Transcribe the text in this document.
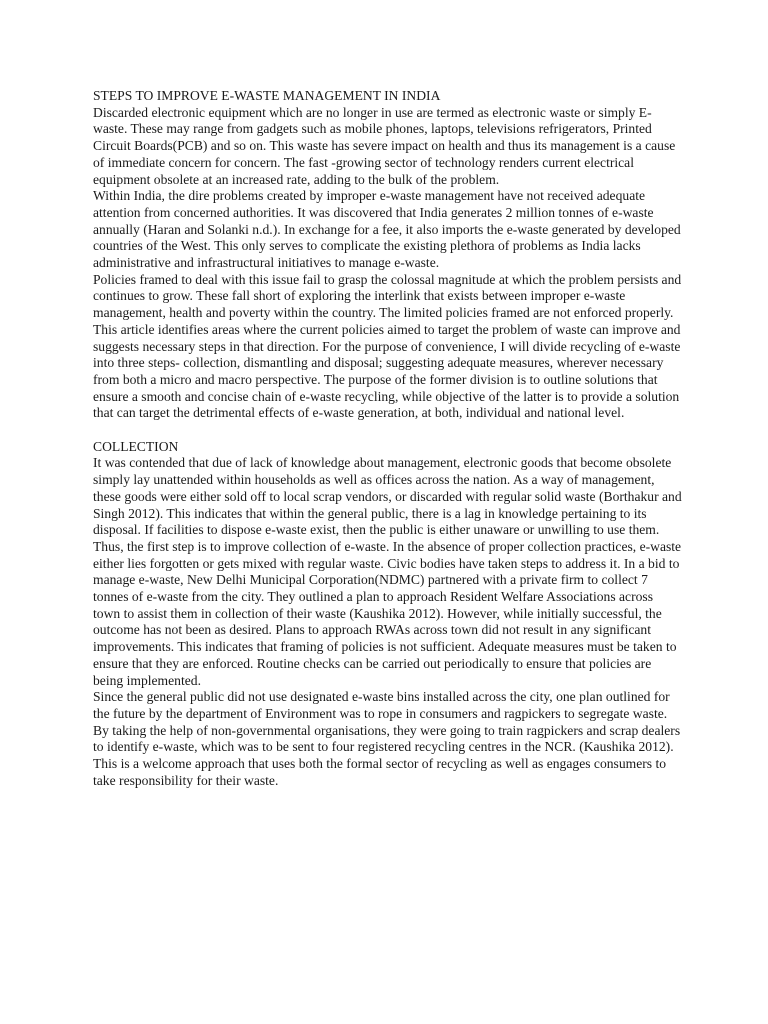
STEPS TO IMPROVE E-WASTE MANAGEMENT IN INDIA

Discarded electronic equipment which are no longer in use are termed as electronic waste or simply E-waste. These may range from gadgets such as mobile phones, laptops, televisions refrigerators, Printed Circuit Boards(PCB) and so on. This waste has severe impact on health and thus its management is a cause of immediate concern for concern. The fast -growing sector of technology renders current electrical equipment obsolete at an increased rate, adding to the bulk of the problem.

Within India, the dire problems created by improper e-waste management have not received adequate attention from concerned authorities. It was discovered that India generates 2 million tonnes of e-waste annually (Haran and Solanki n.d.). In exchange for a fee, it also imports the e-waste generated by developed countries of the West. This only serves to complicate the existing plethora of problems as India lacks administrative and infrastructural initiatives to manage e-waste.

Policies framed to deal with this issue fail to grasp the colossal magnitude at which the problem persists and continues to grow. These fall short of exploring the interlink that exists between improper e-waste management, health and poverty within the country. The limited policies framed are not enforced properly.

This article identifies areas where the current policies aimed to target the problem of waste can improve and suggests necessary steps in that direction. For the purpose of convenience, I will divide recycling of e-waste into three steps- collection, dismantling and disposal; suggesting adequate measures, wherever necessary from both a micro and macro perspective. The purpose of the former division is to outline solutions that ensure a smooth and concise chain of e-waste recycling, while objective of the latter is to provide a solution that can target the detrimental effects of e-waste generation, at both, individual and national level.

COLLECTION

It was contended that due of lack of knowledge about management, electronic goods that become obsolete simply lay unattended within households as well as offices across the nation. As a way of management, these goods were either sold off to local scrap vendors, or discarded with regular solid waste (Borthakur and Singh 2012). This indicates that within the general public, there is a lag in knowledge pertaining to its disposal. If facilities to dispose e-waste exist, then the public is either unaware or unwilling to use them. Thus, the first step is to improve collection of e-waste. In the absence of proper collection practices, e-waste either lies forgotten or gets mixed with regular waste. Civic bodies have taken steps to address it. In a bid to manage e-waste, New Delhi Municipal Corporation(NDMC) partnered with a private firm to collect 7 tonnes of e-waste from the city. They outlined a plan to approach Resident Welfare Associations across town to assist them in collection of their waste (Kaushika 2012). However, while initially successful, the outcome has not been as desired. Plans to approach RWAs across town did not result in any significant improvements. This indicates that framing of policies is not sufficient. Adequate measures must be taken to ensure that they are enforced. Routine checks can be carried out periodically to ensure that policies are being implemented.

Since the general public did not use designated e-waste bins installed across the city, one plan outlined for the future by the department of Environment was to rope in consumers and ragpickers to segregate waste. By taking the help of non-governmental organisations, they were going to train ragpickers and scrap dealers to identify e-waste, which was to be sent to four registered recycling centres in the NCR. (Kaushika 2012).

This is a welcome approach that uses both the formal sector of recycling as well as engages consumers to take responsibility for their waste.
